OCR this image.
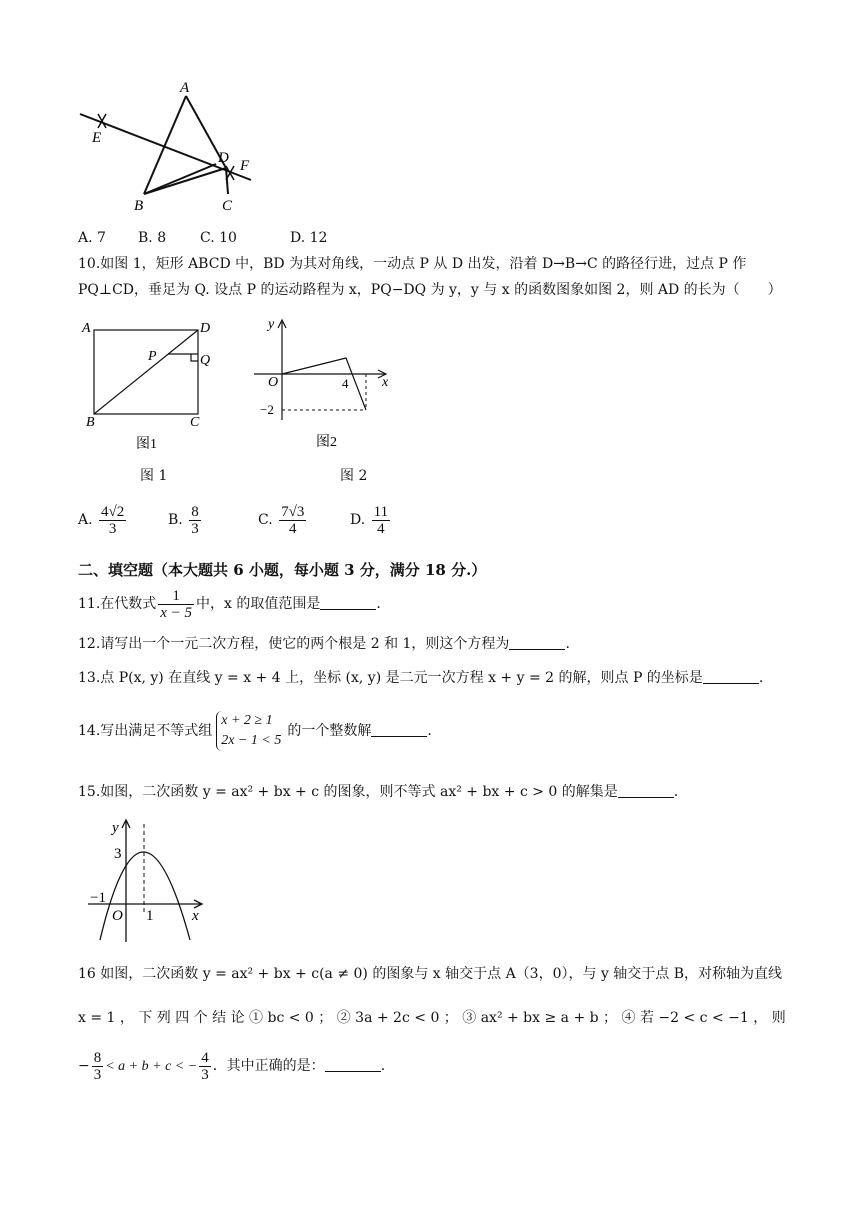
A
E
D F
B	C
A. 7 B. 8 C. 10	D. 12
10.如图 1，矩形 ABCD 中，BD 为其对角线，一动点 P 从 D 出发，沿着 D→B→C 的路径行进，过点 P 作
PQ⊥CD，垂足为 Q. 设点 P 的运动路程为 x，PQ−DQ 为 y，y 与 x 的函数图象如图 2，则 AD 的长为（　　）
A	D
P	Q
B	C
图1
y
x
O	4
−2
图2
图 1	图 2
A. $\frac{4√2}{3}$	B. $\frac{8}{3}$	C. $\frac{7√3}{4}$	D. $\frac{11}{4}$
二、填空题（本大题共 6 小题，每小题 3 分，满分 18 分.）
11.在代数式 $\frac{1}{x - 5}$ 中，x 的取值范围是	.
12.请写出一个一元二次方程，使它的两个根是 2 和 1，则这个方程为	.
13.点 P(x, y) 在直线 y = x + 4 上，坐标 (x, y) 是二元一次方程 x + y = 2 的解，则点 P 的坐标是	.
14.写出满足不等式组
x + 2 ≥ 1
2x − 1 < 5
的一个整数解	.
15.如图，二次函数 y = ax² + bx + c 的图象，则不等式 ax² + bx + c > 0 的解集是	.
y
x
O
3
−1
1
16 如图，二次函数 y = ax² + bx + c(a ≠ 0) 的图象与 x 轴交于点 A（3，0），与 y 轴交于点 B，对称轴为直线
x = 1 ， 下 列 四 个 结 论 ① bc < 0 ； ② 3a + 2c < 0 ； ③ ax² + bx ≥ a + b ； ④ 若 −2 < c < −1 ， 则
− $\frac{8}{3} < a + b + c$ < − $\frac{4}{3}$ ．其中正确的是：	.
